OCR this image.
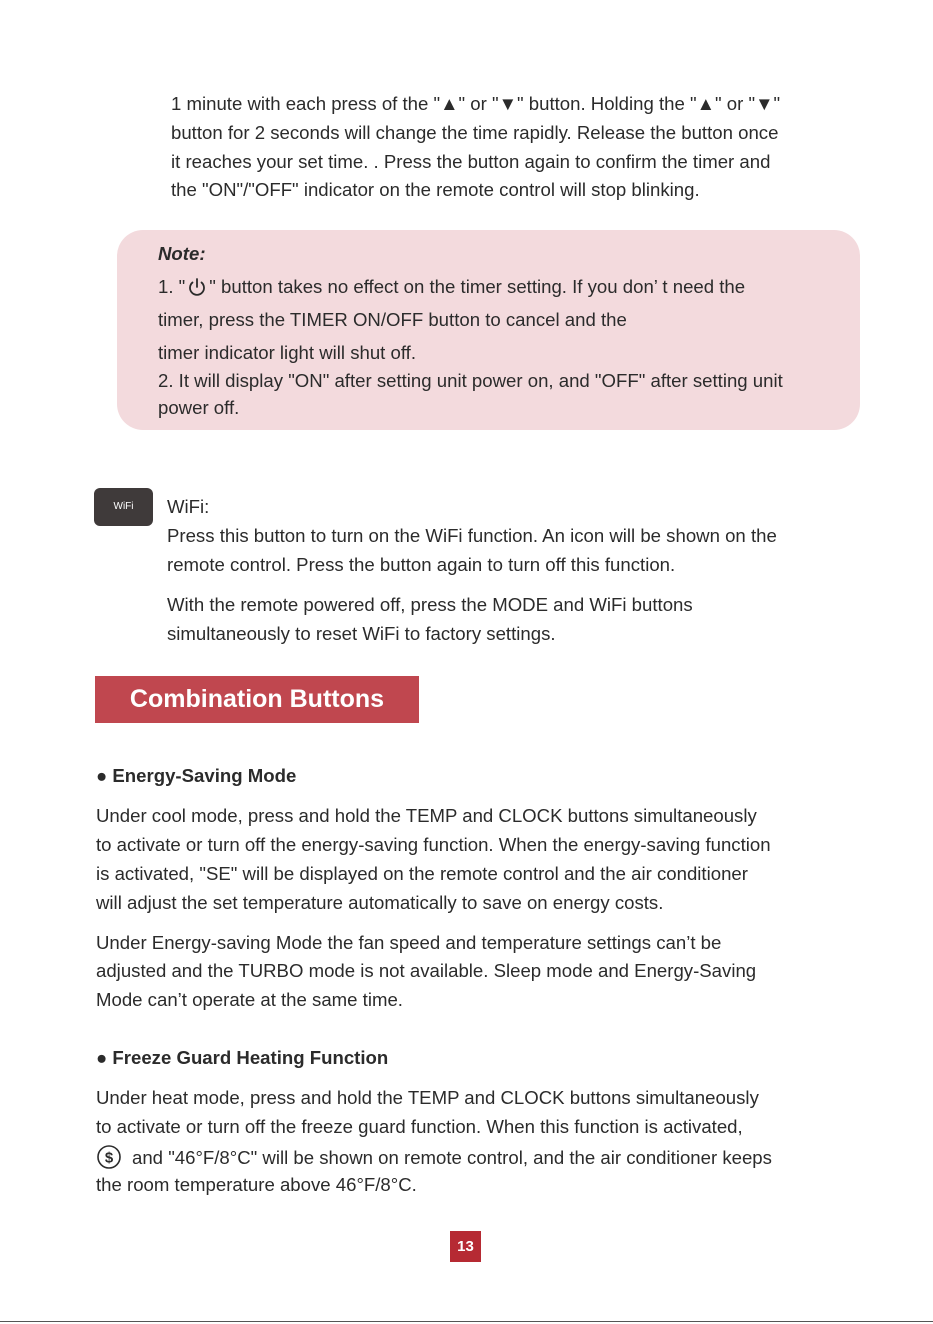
1 minute with each press of the "▲" or "▼" button. Holding the "▲" or "▼"
button for 2 seconds will change the time rapidly. Release the button once
it reaches your set time. . Press the button again to confirm the timer and
the "ON"/"OFF" indicator on the remote control will stop blinking.
Note:
1. " " button takes no effect on the timer setting. If you don’ t need the
timer, press the TIMER ON/OFF button to cancel and the
timer indicator light will shut off.
2. It will display "ON" after setting unit power on, and "OFF" after setting unit
power off.
WiFi	WiFi:
Press this button to turn on the WiFi function. An icon will be shown on the
remote control. Press the button again to turn off this function.
With the remote powered off, press the MODE and WiFi buttons
simultaneously to reset WiFi to factory settings.
Combination Buttons
● Energy-Saving Mode
Under cool mode, press and hold the TEMP and CLOCK buttons simultaneously
to activate or turn off the energy-saving function. When the energy-saving function
is activated, "SE" will be displayed on the remote control and the air conditioner
will adjust the set temperature automatically to save on energy costs.
Under Energy-saving Mode the fan speed and temperature settings can’t be
adjusted and the TURBO mode is not available. Sleep mode and Energy-Saving
Mode can’t operate at the same time.
● Freeze Guard Heating Function
Under heat mode, press and hold the TEMP and CLOCK buttons simultaneously
to activate or turn off the freeze guard function. When this function is activated,
$ and "46°F/8°C" will be shown on remote control, and the air conditioner keeps
the room temperature above 46°F/8°C.
13
